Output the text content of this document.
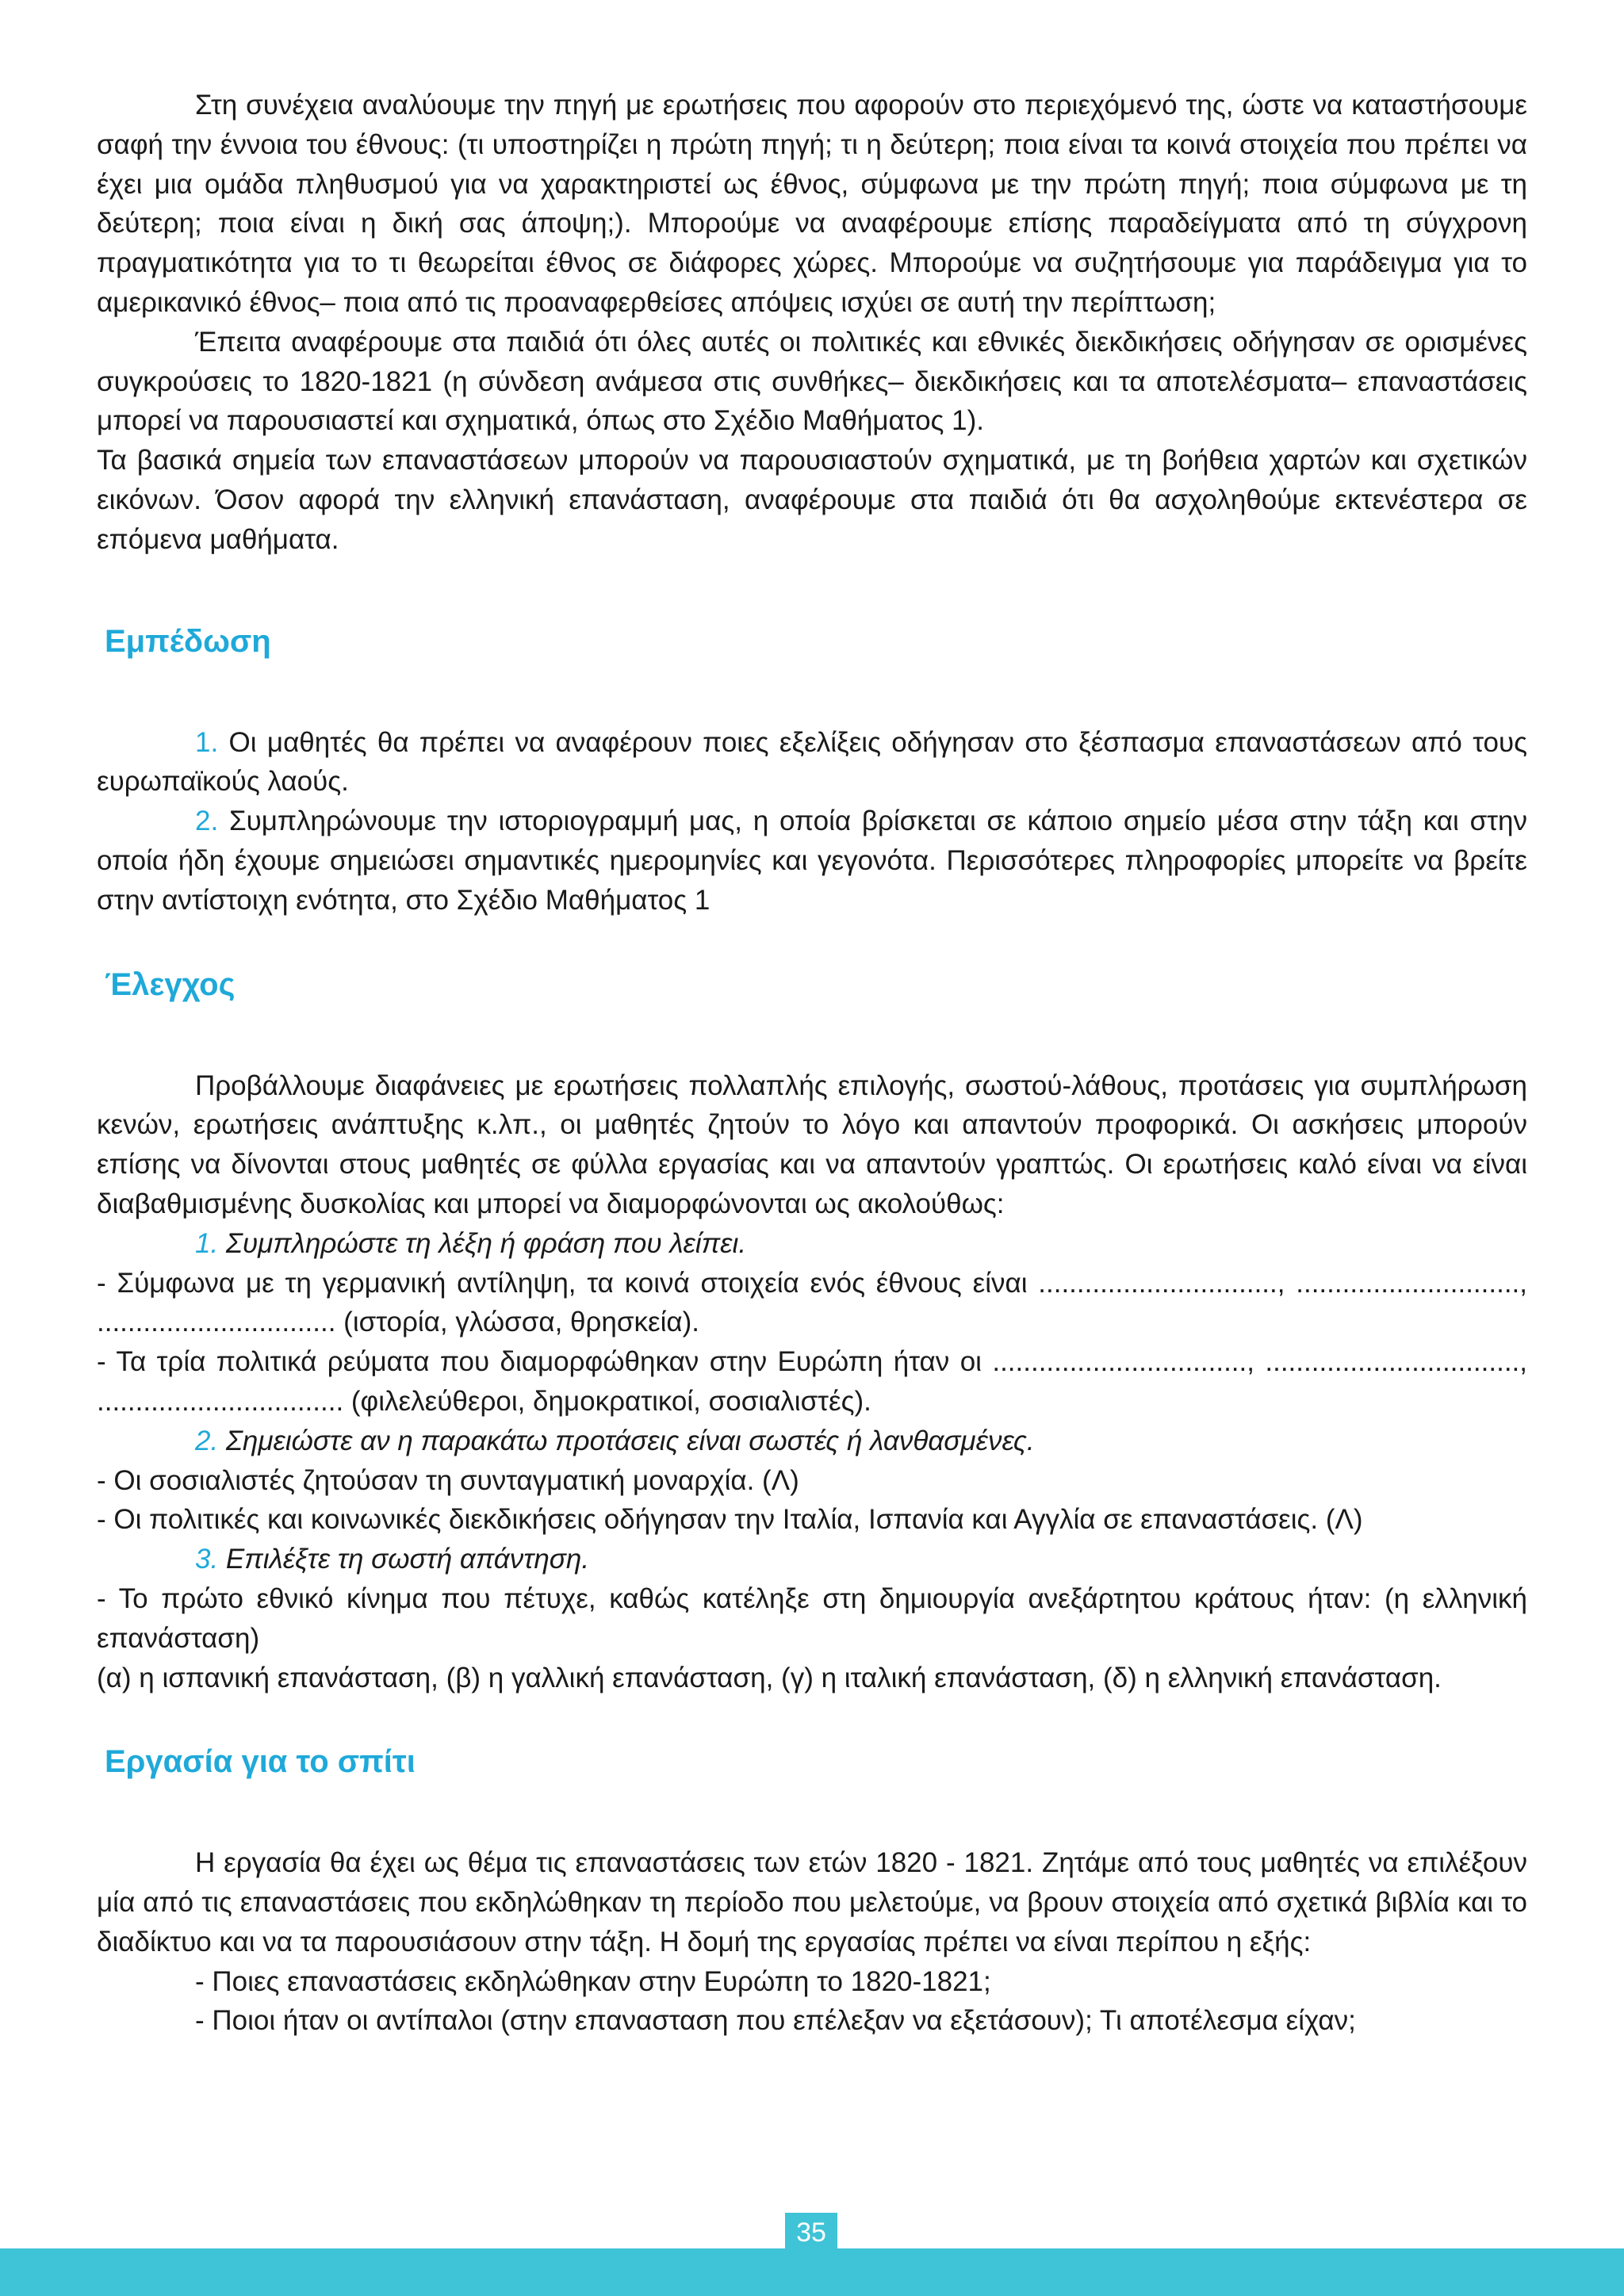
Στη συνέχεια αναλύουμε την πηγή με ερωτήσεις που αφορούν στο περιεχόμενό της, ώστε να καταστήσουμε σαφή την έννοια του έθνους: (τι υποστηρίζει η πρώτη πηγή; τι η δεύτερη; ποια είναι τα κοινά στοιχεία που πρέπει να έχει μια ομάδα πληθυσμού για να χαρακτηριστεί ως έθνος, σύμφωνα με την πρώτη πηγή; ποια σύμφωνα με τη δεύτερη; ποια είναι η δική σας άποψη;). Μπορούμε να αναφέρουμε επίσης παραδείγματα από τη σύγχρονη πραγματικότητα για το τι θεωρείται έθνος σε διάφορες χώρες. Μπορούμε να συζητήσουμε για παράδειγμα για το αμερικανικό έθνος– ποια από τις προαναφερθείσες απόψεις ισχύει σε αυτή την περίπτωση;

Έπειτα αναφέρουμε στα παιδιά ότι όλες αυτές οι πολιτικές και εθνικές διεκδικήσεις οδήγησαν σε ορισμένες συγκρούσεις το 1820-1821 (η σύνδεση ανάμεσα στις συνθήκες– διεκδικήσεις και τα αποτελέσματα– επαναστάσεις μπορεί να παρουσιαστεί και σχηματικά, όπως στο Σχέδιο Μαθήματος 1).

Τα βασικά σημεία των επαναστάσεων μπορούν να παρουσιαστούν σχηματικά, με τη βοήθεια χαρτών και σχετικών εικόνων. Όσον αφορά την ελληνική επανάσταση, αναφέρουμε στα παιδιά ότι θα ασχοληθούμε εκτενέστερα σε επόμενα μαθήματα.

Εμπέδωση

1. Οι μαθητές θα πρέπει να αναφέρουν ποιες εξελίξεις οδήγησαν στο ξέσπασμα επαναστάσεων από τους ευρωπαϊκούς λαούς.

2. Συμπληρώνουμε την ιστοριογραμμή μας, η οποία βρίσκεται σε κάποιο σημείο μέσα στην τάξη και στην οποία ήδη έχουμε σημειώσει σημαντικές ημερομηνίες και γεγονότα. Περισσότερες πληροφορίες μπορείτε να βρείτε στην αντίστοιχη ενότητα, στο Σχέδιο Μαθήματος 1

Έλεγχος

Προβάλλουμε διαφάνειες με ερωτήσεις πολλαπλής επιλογής, σωστού-λάθους, προτάσεις για συμπλήρωση κενών, ερωτήσεις ανάπτυξης κ.λπ., οι μαθητές ζητούν το λόγο και απαντούν προφορικά. Οι ασκήσεις μπορούν επίσης να δίνονται στους μαθητές σε φύλλα εργασίας και να απαντούν γραπτώς. Οι ερωτήσεις καλό είναι να είναι διαβαθμισμένης δυσκολίας και μπορεί να διαμορφώνονται ως ακολούθως:

1. Συμπληρώστε τη λέξη ή φράση που λείπει.

- Σύμφωνα με τη γερμανική αντίληψη, τα κοινά στοιχεία ενός έθνους είναι ..............................., ............................., ............................... (ιστορία, γλώσσα, θρησκεία).

- Τα τρία πολιτικά ρεύματα που διαμορφώθηκαν στην Ευρώπη ήταν οι ................................., ................................., ................................ (φιλελεύθεροι, δημοκρατικοί, σοσιαλιστές).

2. Σημειώστε αν η παρακάτω προτάσεις είναι σωστές ή λανθασμένες.

- Οι σοσιαλιστές ζητούσαν τη συνταγματική μοναρχία. (Λ)

- Οι πολιτικές και κοινωνικές διεκδικήσεις οδήγησαν την Ιταλία, Ισπανία και Αγγλία σε επαναστάσεις. (Λ)

3. Επιλέξτε τη σωστή απάντηση.

- Το πρώτο εθνικό κίνημα που πέτυχε, καθώς κατέληξε στη δημιουργία ανεξάρτητου κράτους ήταν: (η ελληνική επανάσταση)

(α) η ισπανική επανάσταση, (β) η γαλλική επανάσταση, (γ) η ιταλική επανάσταση, (δ) η ελληνική επανάσταση.

Εργασία για το σπίτι

Η εργασία θα έχει ως θέμα τις επαναστάσεις των ετών 1820 - 1821. Ζητάμε από τους μαθητές να επιλέξουν μία από τις επαναστάσεις που εκδηλώθηκαν τη περίοδο που μελετούμε, να βρουν στοιχεία από σχετικά βιβλία και το διαδίκτυο και να τα παρουσιάσουν στην τάξη. Η δομή της εργασίας πρέπει να είναι περίπου η εξής:

- Ποιες επαναστάσεις εκδηλώθηκαν στην Ευρώπη το 1820-1821;

- Ποιοι ήταν οι αντίπαλοι (στην επανασταση που επέλεξαν να εξετάσουν); Τι αποτέλεσμα είχαν;

35
